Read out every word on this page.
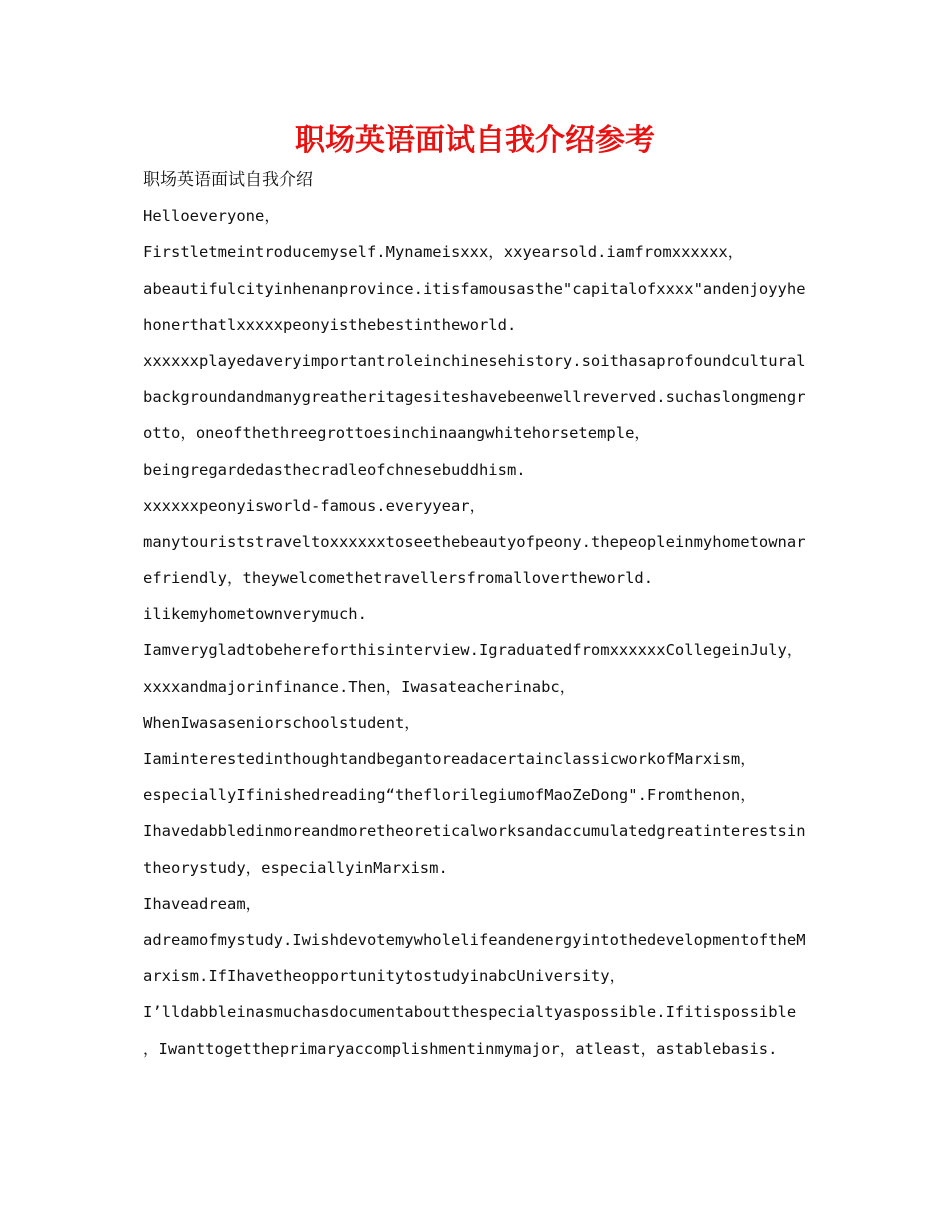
职场英语面试自我介绍参考
职场英语面试自我介绍
Helloeveryone，
Firstletmeintroducemyself.Mynameisxxx，xxyearsold.iamfromxxxxxx，
abeautifulcityinhenanprovince.itisfamousasthe"capitalofxxxx"andenjoyyhe
honerthatlxxxxxpeonyisthebestintheworld.
xxxxxxplayedaveryimportantroleinchinesehistory.soithasaprofoundcultural
backgroundandmanygreatheritagesiteshavebeenwellreverved.suchaslongmengr
otto，oneofthethreegrottoesinchinaangwhitehorsetemple，
beingregardedasthecradleofchnesebuddhism.
xxxxxxpeonyisworld-famous.everyyear，
manytouriststraveltoxxxxxxtoseethebeautyofpeony.thepeopleinmyhometownar
efriendly，theywelcomethetravellersfromallovertheworld.
ilikemyhometownverymuch.
Iamverygladtobehereforthisinterview.IgraduatedfromxxxxxxCollegeinJuly，
xxxxandmajorinfinance.Then，Iwasateacherinabc，
WhenIwasaseniorschoolstudent，
IaminterestedinthoughtandbegantoreadacertainclassicworkofMarxism，
especiallyIfinishedreading“theflorilegiumofMaoZeDong".Fromthenon，
Ihavedabbledinmoreandmoretheoreticalworksandaccumulatedgreatinterestsin
theorystudy，especiallyinMarxism.
Ihaveadream，
adreamofmystudy.IwishdevotemywholelifeandenergyintothedevelopmentoftheM
arxism.IfIhavetheopportunitytostudyinabcUniversity，
I’lldabbleinasmuchasdocumentaboutthespecialtyaspossible.Ifitispossible
，Iwanttogettheprimaryaccomplishmentinmymajor，atleast，astablebasis.
